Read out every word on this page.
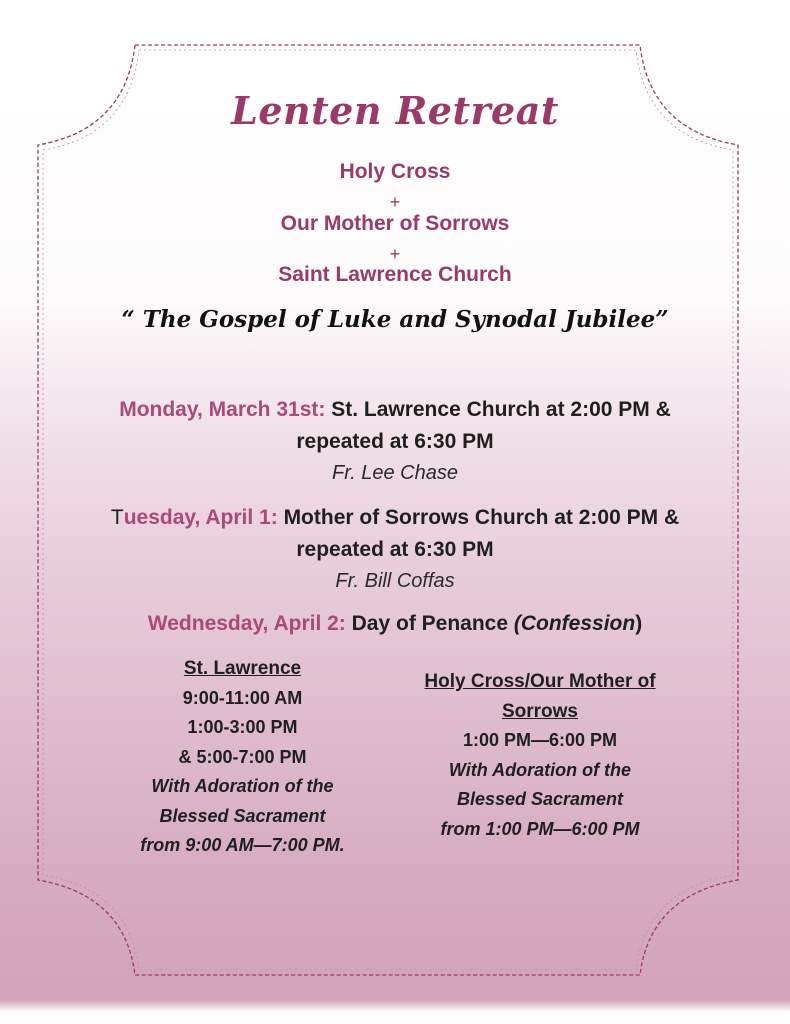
Lenten Retreat
Holy Cross
+
Our Mother of Sorrows
+
Saint Lawrence Church
“ The Gospel of Luke and Synodal Jubilee”
Monday, March 31st: St. Lawrence Church at 2:00 PM &
repeated at 6:30 PM
Fr. Lee Chase
Tuesday, April 1: Mother of Sorrows Church at 2:00 PM &
repeated at 6:30 PM
Fr. Bill Coffas
Wednesday, April 2: Day of Penance (Confession)
St. Lawrence
9:00-11:00 AM
1:00-3:00 PM
& 5:00-7:00 PM
With Adoration of the
Blessed Sacrament
from 9:00 AM—7:00 PM.
Holy Cross/Our Mother of
Sorrows
1:00 PM—6:00 PM
With Adoration of the
Blessed Sacrament
from 1:00 PM—6:00 PM
